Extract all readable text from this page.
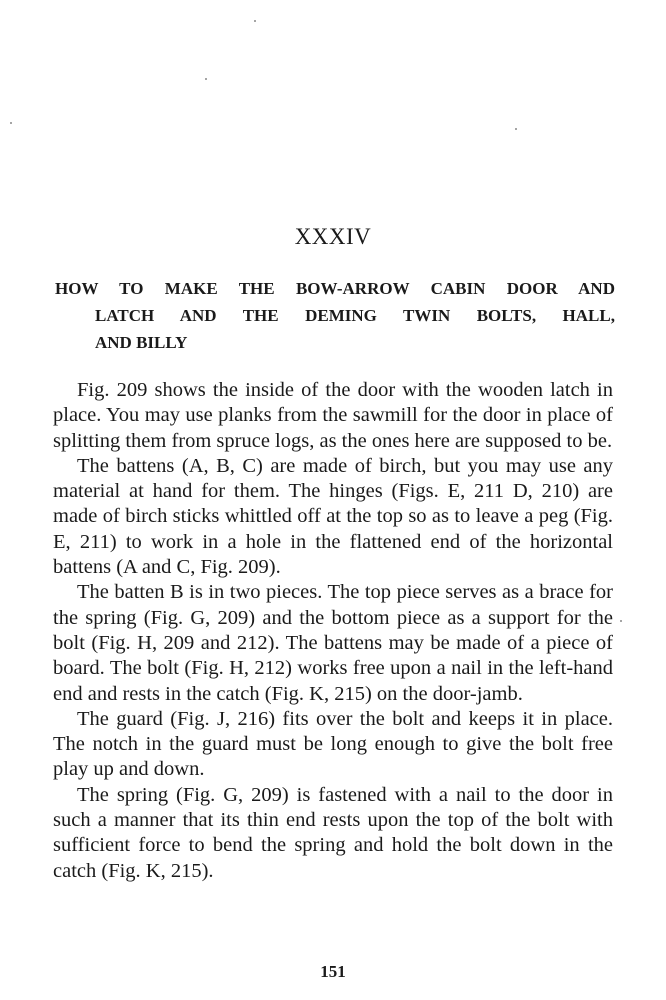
XXXIV
HOW TO MAKE THE BOW-ARROW CABIN DOOR AND
LATCH AND THE DEMING TWIN BOLTS, HALL,
AND BILLY

Fig. 209 shows the inside of the door with the wooden latch in place. You may use planks from the sawmill for the door in place of splitting them from spruce logs, as the ones here are supposed to be.

The battens (A, B, C) are made of birch, but you may use any material at hand for them. The hinges (Figs. E, 211 D, 210) are made of birch sticks whittled off at the top so as to leave a peg (Fig. E, 211) to work in a hole in the flattened end of the horizontal battens (A and C, Fig. 209).

The batten B is in two pieces. The top piece serves as a brace for the spring (Fig. G, 209) and the bottom piece as a support for the bolt (Fig. H, 209 and 212). The battens may be made of a piece of board. The bolt (Fig. H, 212) works free upon a nail in the left-hand end and rests in the catch (Fig. K, 215) on the door-jamb.

The guard (Fig. J, 216) fits over the bolt and keeps it in place. The notch in the guard must be long enough to give the bolt free play up and down.

The spring (Fig. G, 209) is fastened with a nail to the door in such a manner that its thin end rests upon the top of the bolt with sufficient force to bend the spring and hold the bolt down in the catch (Fig. K, 215).

151
